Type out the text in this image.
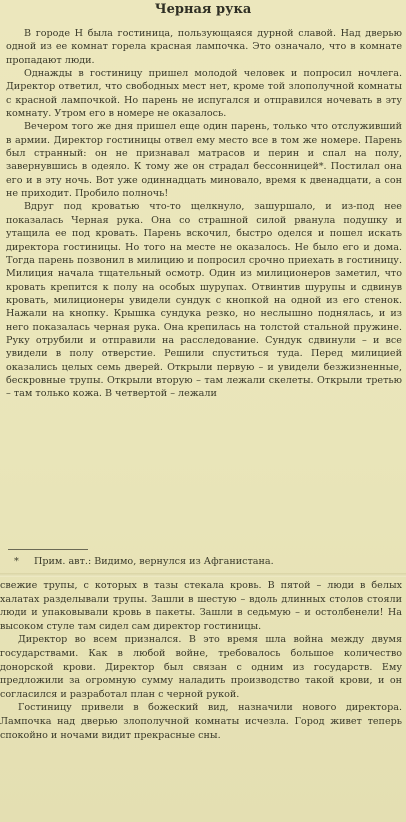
Черная рука

В городе Н была гостиница, пользующаяся дурной славой. Над дверью одной из ее комнат горела красная лампочка. Это означало, что в комнате пропадают люди.

Однажды в гостиницу пришел молодой человек и попросил ночлега. Директор ответил, что свободных мест нет, кроме той злополучной комнаты с красной лампочкой. Но парень не испугался и отправился ночевать в эту комнату. Утром его в номере не оказалось.

Вечером того же дня пришел еще один парень, только что отслуживший в армии. Директор гостиницы отвел ему место все в том же номере. Парень был странный: он не признавал матрасов и перин и спал на полу, завернувшись в одеяло. К тому же он страдал бессонницей*. Постилал она его и в эту ночь. Вот уже одиннадцать миновало, время к двенадцати, а сон не приходит. Пробило полночь!

Вдруг под кроватью что-то щелкнуло, зашуршало, и из-под нее показалась Черная рука. Она со страшной силой рванула подушку и утащила ее под кровать. Парень вскочил, быстро оделся и пошел искать директора гостиницы. Но того на месте не оказалось. Не было его и дома. Тогда парень позвонил в милицию и попросил срочно приехать в гостиницу. Милиция начала тщательный осмотр. Один из милиционеров заметил, что кровать крепится к полу на особых шурупах. Отвинтив шурупы и сдвинув кровать, милиционеры увидели сундук с кнопкой на одной из его стенок. Нажали на кнопку. Крышка сундука резко, но неслышно поднялась, и из него показалась черная рука. Она крепилась на толстой стальной пружине. Руку отрубили и отправили на расследование. Сундук сдвинули – и все увидели в полу отверстие. Решили спуститься туда. Перед милицией оказались целых семь дверей. Открыли первую – и увидели безжизненные, бескровные трупы. Открыли вторую – там лежали скелеты. Открыли третью – там только кожа. В четвертой – лежали

* Прим. авт.: Видимо, вернулся из Афганистана.

свежие трупы, с которых в тазы стекала кровь. В пятой – люди в белых халатах разделывали трупы. Зашли в шестую – вдоль длинных столов стояли люди и упаковывали кровь в пакеты. Зашли в седьмую – и остолбенели! На высоком стуле там сидел сам директор гостиницы.

Директор во всем признался. В это время шла война между двумя государствами. Как в любой войне, требовалось большое количество донорской крови. Директор был связан с одним из государств. Ему предложили за огромную сумму наладить производство такой крови, и он согласился и разработал план с черной рукой.

Гостиницу привели в божеский вид, назначили нового директора. Лампочка над дверью злополучной комнаты исчезла. Город живет теперь спокойно и ночами видит прекрасные сны.
